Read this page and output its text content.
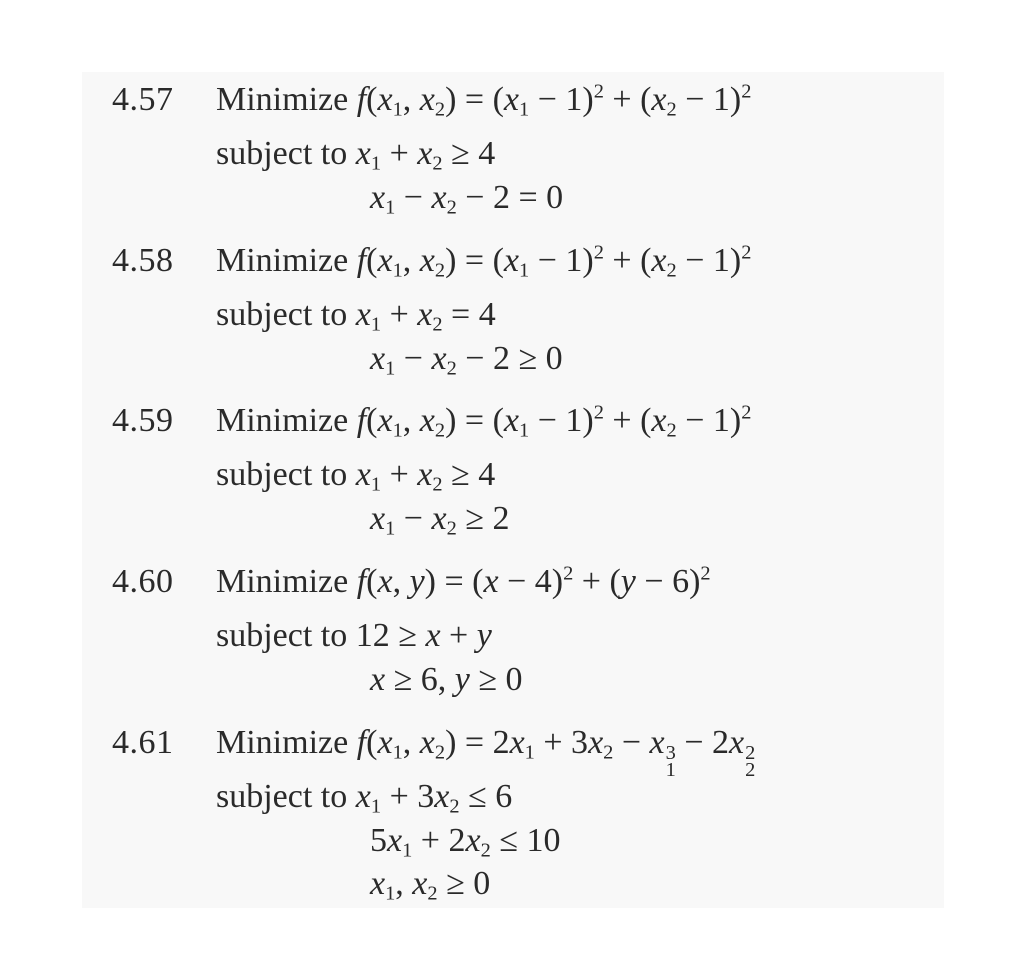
4.57 Minimize $f(x_1$, $x_2) = (x_1 - 1)^2 + (x_2 - 1)^2$
subject to $x_1 + x_2 \ge 4$
$x_1 - x_2 - 2 = 0$
4.58 Minimize $f(x_1$, $x_2) = (x_1 - 1)^2 + (x_2 - 1)^2$
subject to $x_1 + x_2 = 4$
$x_1 - x_2 - 2 \ge 0$
4.59 Minimize $f(x_1$, $x_2) = (x_1 - 1)^2 + (x_2 - 1)^2$
subject to $x_1 + x_2 \ge 4$
$x_1 - x_2 \ge 2$
4.60 Minimize f(x, $y) = (x - 4)^2 + (y - 6)^2$
subject to 12 ≥ x + y
x ≥ 6, y ≥ 0
4.61 Minimize $f(x_1$, $x_2) = 2x_1 + 3x_2 - x$ 3
1
− 2x 2
2
subject to $x_1 + 3x_2 \le 6$
$5x_1 + 2x_2 \le 10$
$x_1$, $x_2 \ge 0$
